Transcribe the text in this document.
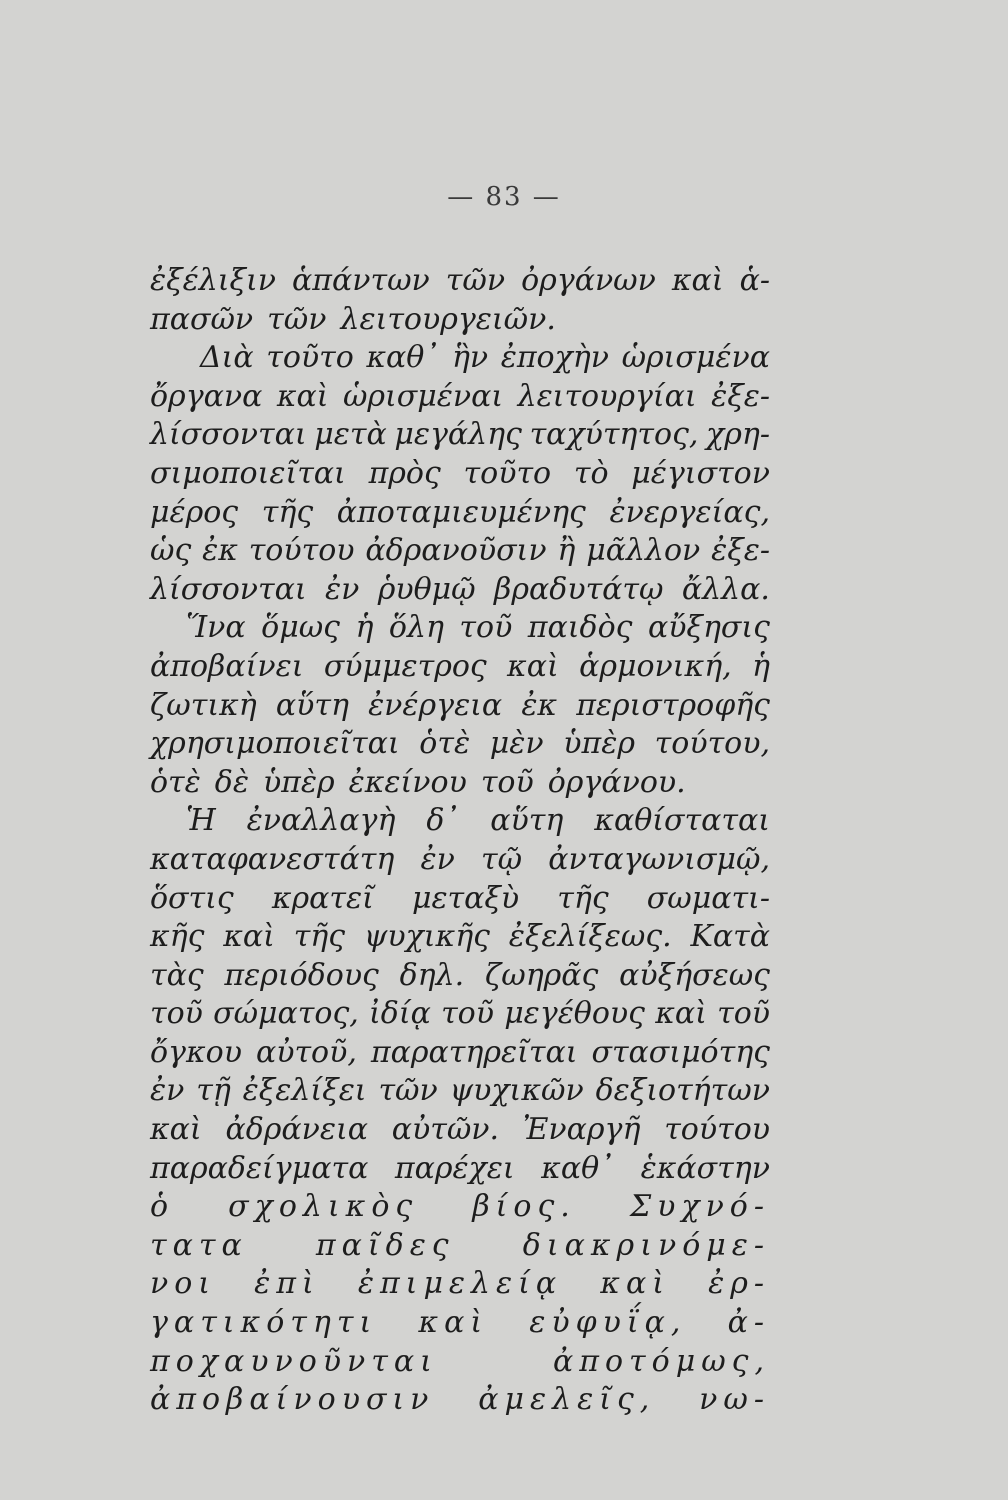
— 83 —
ἐξέλιξιν ἁπάντων τῶν ὀργάνων καὶ ἁ-
πασῶν τῶν λειτουργειῶν.
Διὰ τοῦτο καθ᾽ ἣν ἐποχὴν ὡρισμένα
ὄργανα καὶ ὡρισμέναι λειτουργίαι ἐξε-
λίσσονται μετὰ μεγάλης ταχύτητος, χρη-
σιμοποιεῖται πρὸς τοῦτο τὸ μέγιστον
μέρος τῆς ἀποταμιευμένης ἐνεργείας,
ὡς ἐκ τούτου ἀδρανοῦσιν ἢ μᾶλλον ἐξε-
λίσσονται ἐν ῥυθμῷ βραδυτάτῳ ἄλλα.
Ἵνα ὅμως ἡ ὅλη τοῦ παιδὸς αὔξησις
ἀποβαίνει σύμμετρος καὶ ἁρμονική, ἡ
ζωτικὴ αὕτη ἐνέργεια ἐκ περιστροφῆς
χρησιμοποιεῖται ὁτὲ μὲν ὑπὲρ τούτου,
ὁτὲ δὲ ὑπὲρ ἐκείνου τοῦ ὀργάνου.
Ἡ ἐναλλαγὴ δ᾽ αὕτη καθίσταται
καταφανεστάτη ἐν τῷ ἀνταγωνισμῷ,
ὅστις κρατεῖ μεταξὺ τῆς σωματι-
κῆς καὶ τῆς ψυχικῆς ἐξελίξεως. Κατὰ
τὰς περιόδους δηλ. ζωηρᾶς αὐξήσεως
τοῦ σώματος, ἰδίᾳ τοῦ μεγέθους καὶ τοῦ
ὄγκου αὐτοῦ, παρατηρεῖται στασιμότης
ἐν τῇ ἐξελίξει τῶν ψυχικῶν δεξιοτήτων
καὶ ἀδράνεια αὐτῶν. Ἐναργῆ τούτου
παραδείγματα παρέχει καθ᾽ ἑκάστην
ὁ σχολικὸς βίος. Συχνό-
τατα παῖδες διακρινόμε-
νοι ἐπὶ ἐπιμελείᾳ καὶ ἐρ-
γατικότητι καὶ εὐφυΐᾳ, ἀ-
ποχαυνοῦνται	ἀποτόμως,
ἀποβαίνουσιν ἀμελεῖς, νω-
